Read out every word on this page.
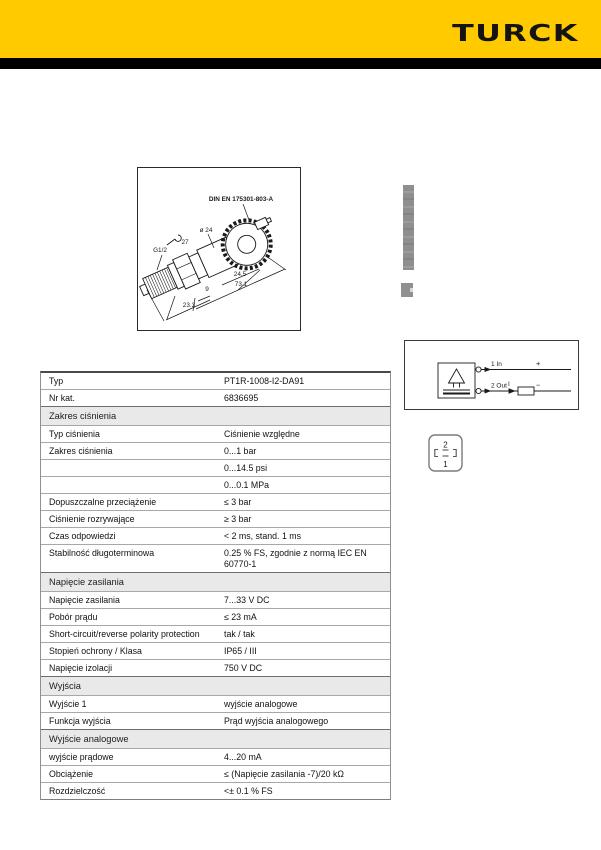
TURCK
DIN EN 175301-803-A
ø 24
27
G1/2
24.5
73.1
9
23.3
1 In	+
2 Out I	−
2
1
Typ	PT1R-1008-I2-DA91
Nr kat.	6836695
Zakres ciśnienia
Typ ciśnienia	Ciśnienie względne
Zakres ciśnienia	0...1 bar
0...14.5 psi
0...0.1 MPa
Dopuszczalne przeciążenie	≤ 3 bar
Ciśnienie rozrywające	≥ 3 bar
Czas odpowiedzi	< 2 ms, stand. 1 ms
Stabilność długoterminowa	0.25 % FS, zgodnie z normą IEC EN 60770-1
Napięcie zasilania
Napięcie zasilania	7...33 V DC
Pobór prądu	≤ 23 mA
Short-circuit/reverse polarity protection	tak / tak
Stopień ochrony / Klasa	IP65 / III
Napięcie izolacji	750 V DC
Wyjścia
Wyjście 1	wyjście analogowe
Funkcja wyjścia	Prąd wyjścia analogowego
Wyjście analogowe
wyjście prądowe	4...20 mA
Obciążenie	≤ (Napięcie zasilania -7)/20 kΩ
Rozdzielczość	<± 0.1 % FS
